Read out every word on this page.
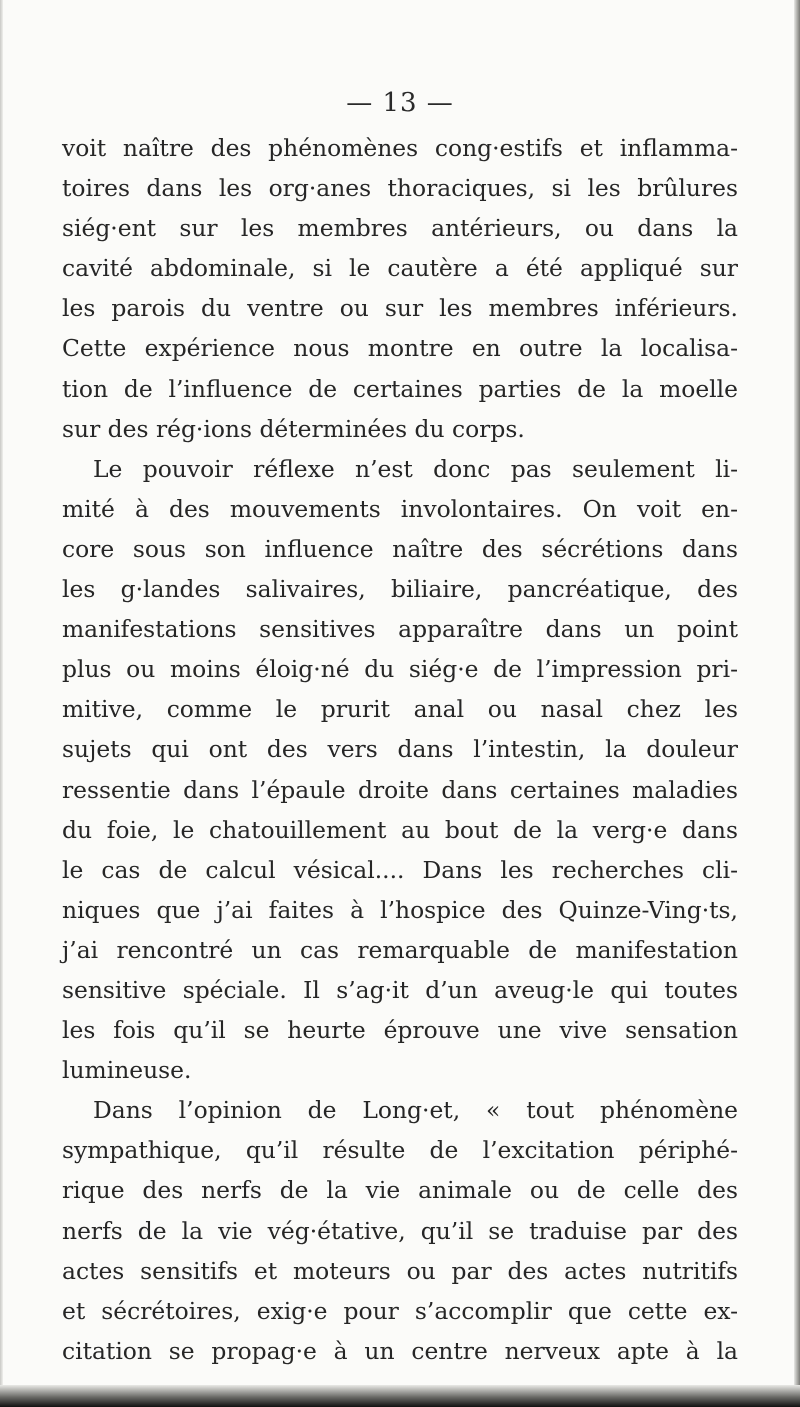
— 13 —
voit naître des phénomènes cong·estifs et inflamma-
toires dans les org·anes thoraciques, si les brûlures
siég·ent sur les membres antérieurs, ou dans la
cavité abdominale, si le cautère a été appliqué sur
les parois du ventre ou sur les membres inférieurs.
Cette expérience nous montre en outre la localisa-
tion de l’influence de certaines parties de la moelle
sur des rég·ions déterminées du corps.
Le pouvoir réflexe n’est donc pas seulement li-
mité à des mouvements involontaires. On voit en-
core sous son influence naître des sécrétions dans
les g·landes salivaires, biliaire, pancréatique, des
manifestations sensitives apparaître dans un point
plus ou moins éloig·né du siég·e de l’impression pri-
mitive, comme le prurit anal ou nasal chez les
sujets qui ont des vers dans l’intestin, la douleur
ressentie dans l’épaule droite dans certaines maladies
du foie, le chatouillement au bout de la verg·e dans
le cas de calcul vésical.... Dans les recherches cli-
niques que j’ai faites à l’hospice des Quinze-Ving·ts,
j’ai rencontré un cas remarquable de manifestation
sensitive spéciale. Il s’ag·it d’un aveug·le qui toutes
les fois qu’il se heurte éprouve une vive sensation
lumineuse.
Dans l’opinion de Long·et, « tout phénomène
sympathique, qu’il résulte de l’excitation périphé-
rique des nerfs de la vie animale ou de celle des
nerfs de la vie vég·étative, qu’il se traduise par des
actes sensitifs et moteurs ou par des actes nutritifs
et sécrétoires, exig·e pour s’accomplir que cette ex-
citation se propag·e à un centre nerveux apte à la
